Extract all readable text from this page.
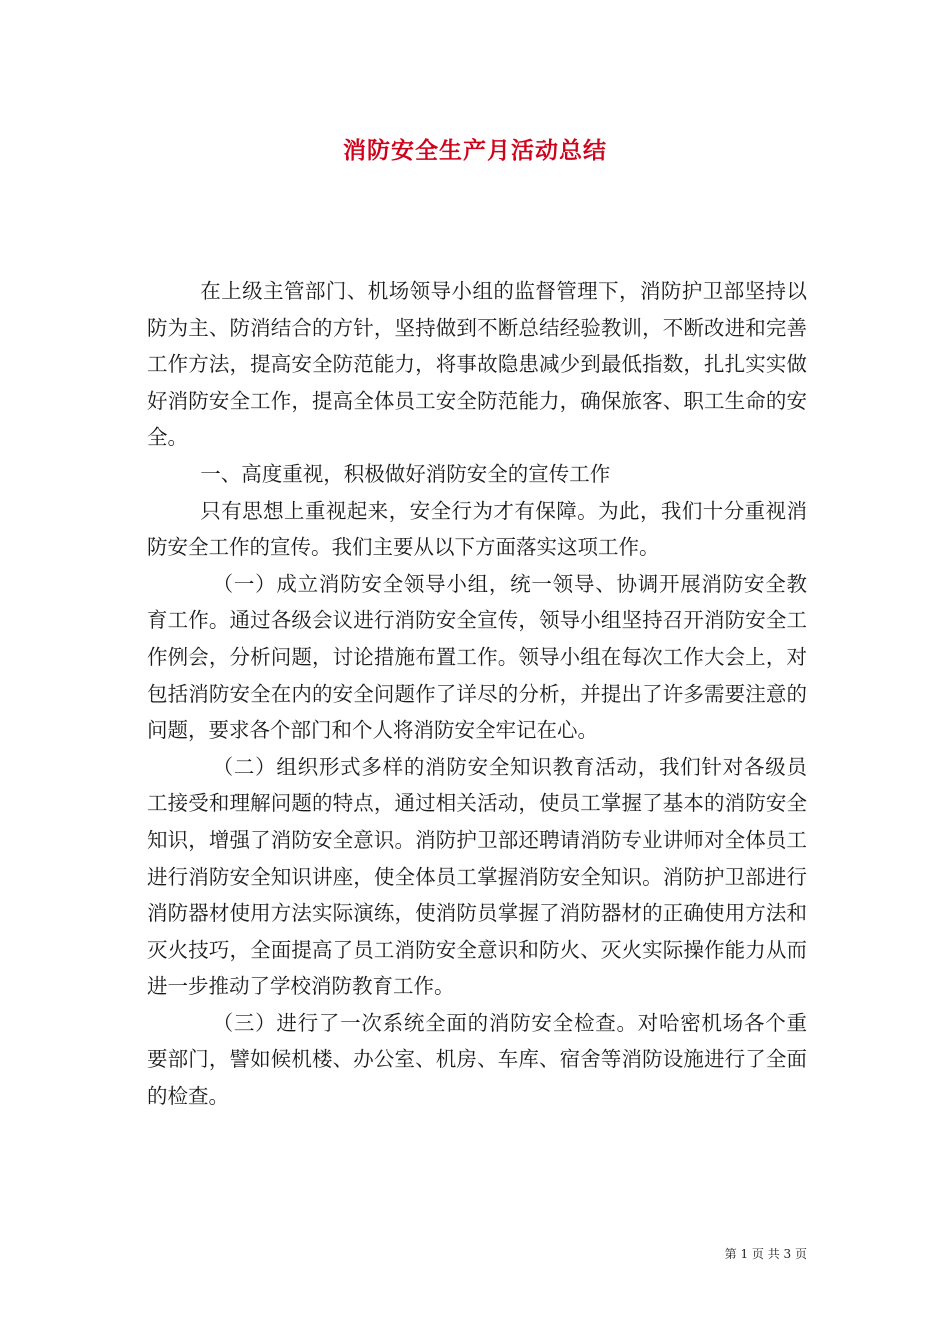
消防安全生产月活动总结

在上级主管部门、机场领导小组的监督管理下，消防护卫部坚持以防为主、防消结合的方针，坚持做到不断总结经验教训，不断改进和完善工作方法，提高安全防范能力，将事故隐患减少到最低指数，扎扎实实做好消防安全工作，提高全体员工安全防范能力，确保旅客、职工生命的安全。

一、高度重视，积极做好消防安全的宣传工作

只有思想上重视起来，安全行为才有保障。为此，我们十分重视消防安全工作的宣传。我们主要从以下方面落实这项工作。

（一）成立消防安全领导小组，统一领导、协调开展消防安全教育工作。通过各级会议进行消防安全宣传，领导小组坚持召开消防安全工作例会，分析问题，讨论措施布置工作。领导小组在每次工作大会上，对包括消防安全在内的安全问题作了详尽的分析，并提出了许多需要注意的问题，要求各个部门和个人将消防安全牢记在心。

（二）组织形式多样的消防安全知识教育活动，我们针对各级员工接受和理解问题的特点，通过相关活动，使员工掌握了基本的消防安全知识，增强了消防安全意识。消防护卫部还聘请消防专业讲师对全体员工进行消防安全知识讲座，使全体员工掌握消防安全知识。消防护卫部进行消防器材使用方法实际演练，使消防员掌握了消防器材的正确使用方法和灭火技巧，全面提高了员工消防安全意识和防火、灭火实际操作能力从而进一步推动了学校消防教育工作。

（三）进行了一次系统全面的消防安全检查。对哈密机场各个重要部门，譬如候机楼、办公室、机房、车库、宿舍等消防设施进行了全面的检查。

第 1 页 共 3 页
